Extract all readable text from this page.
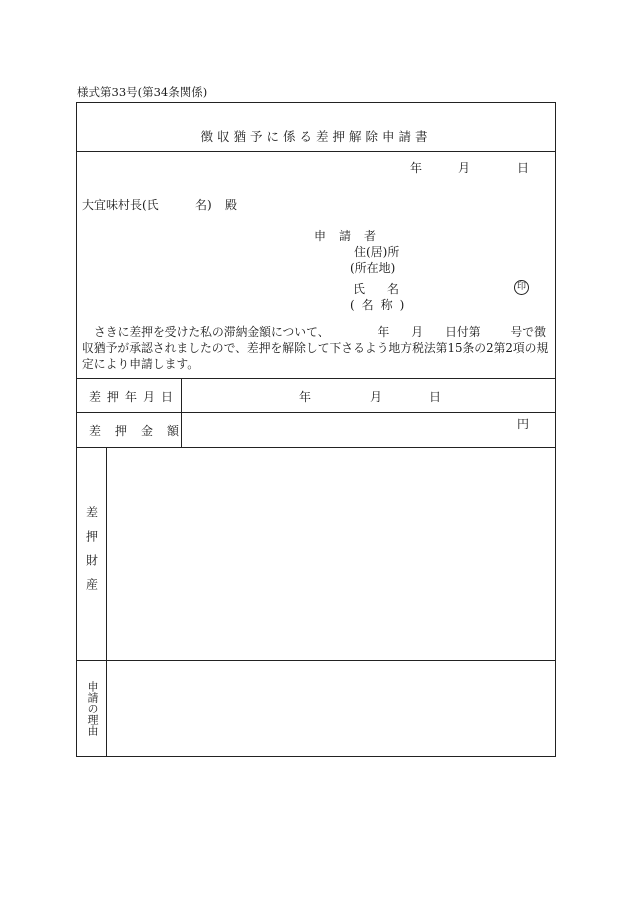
様式第33号(第34条関係)
徴収猶予に係る差押解除申請書
年	月	日
大宜味村長(氏	名) 殿
申請者
住(居)所
(所在地)
氏名
(名称)
印
さきに差押を受けた私の滞納金額について、	年 月 日付第	号で徴収猶予が承認されましたので、差押を解除して下さるよう地方税法第15条の2第2項の規定により申請します。
差押年月日	年	月	日
差押金額	円
差押財産
申請の理由
